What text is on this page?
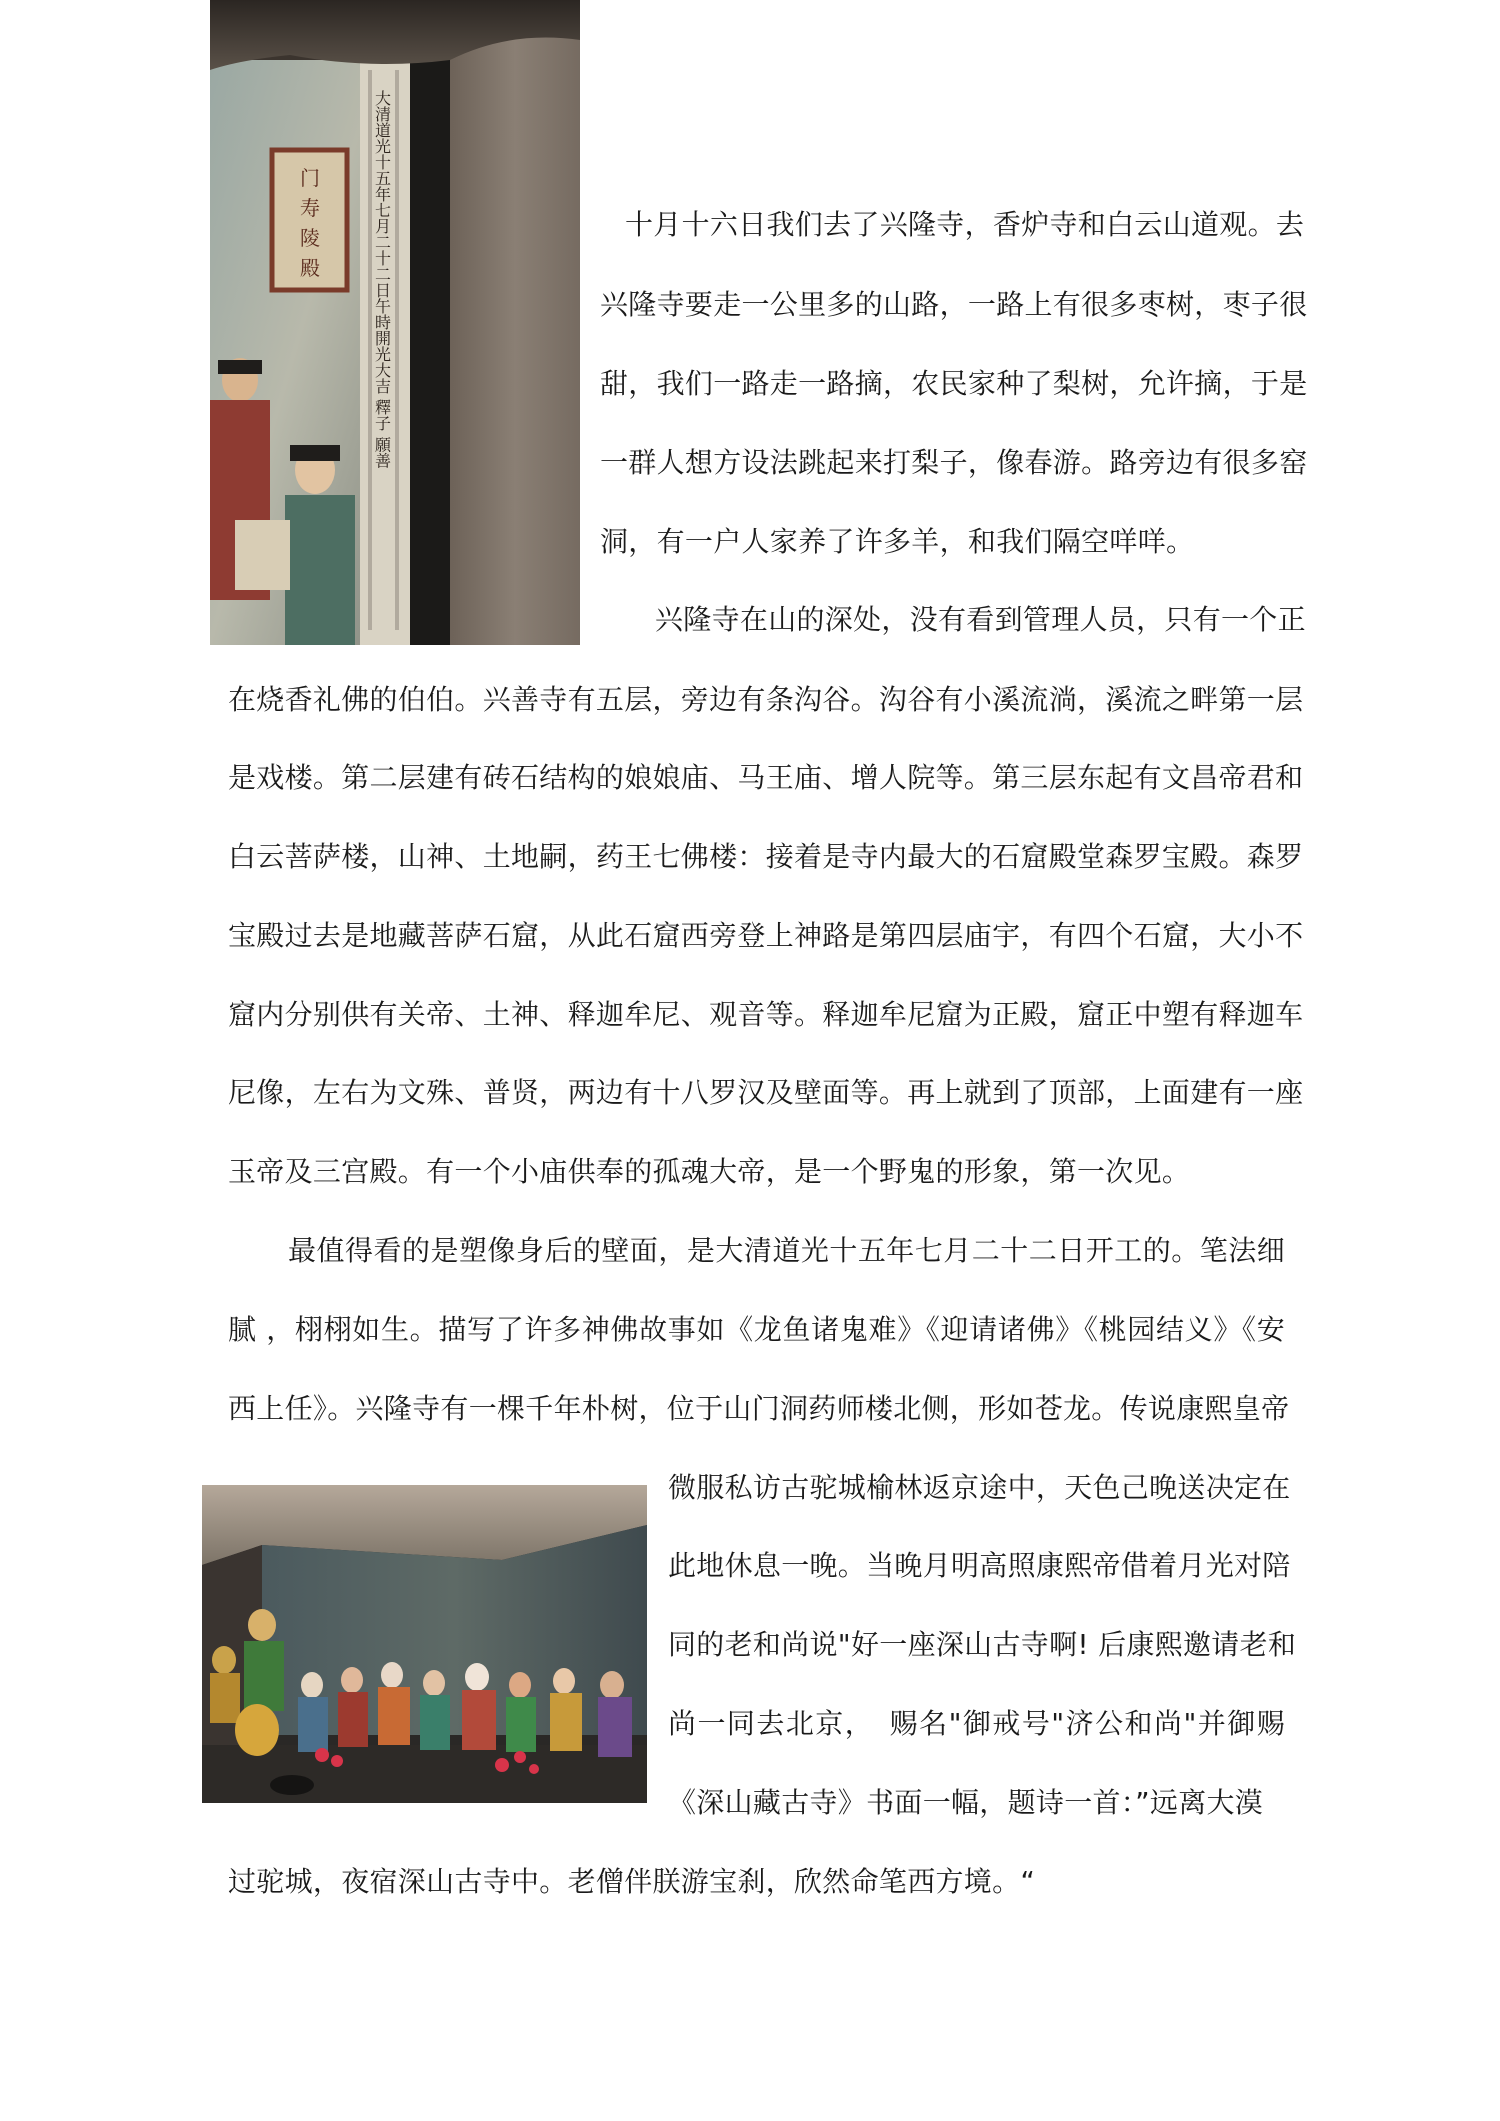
门
寿
陵
殿	大清道光十五年七月二十二日午時開光大吉 釋子 願善	十月十六日我们去了兴隆寺，香炉寺和白云山道观。去
兴隆寺要走一公里多的山路，一路上有很多枣树，枣子很
甜，我们一路走一路摘，农民家种了梨树，允许摘，于是
一群人想方设法跳起来打梨子，像春游。路旁边有很多窑
洞，有一户人家养了许多羊，和我们隔空咩咩。
兴隆寺在山的深处，没有看到管理人员，只有一个正
在烧香礼佛的伯伯。兴善寺有五层，旁边有条沟谷。沟谷有小溪流淌，溪流之畔第一层
是戏楼。第二层建有砖石结构的娘娘庙、马王庙、增人院等。第三层东起有文昌帝君和
白云菩萨楼，山神、土地嗣，药王七佛楼：接着是寺内最大的石窟殿堂森罗宝殿。森罗
宝殿过去是地藏菩萨石窟，从此石窟西旁登上神路是第四层庙宇，有四个石窟，大小不
窟内分别供有关帝、土神、释迦牟尼、观音等。释迦牟尼窟为正殿，窟正中塑有释迦车
尼像，左右为文殊、普贤，两边有十八罗汉及壁面等。再上就到了顶部，上面建有一座
玉帝及三宫殿。有一个小庙供奉的孤魂大帝，是一个野鬼的形象，第一次见。
最值得看的是塑像身后的壁面，是大清道光十五年七月二十二日开工的。笔法细
腻 ，栩栩如生。描写了许多神佛故事如《龙鱼诸鬼难》《迎请诸佛》《桃园结义》《安
西上任》。兴隆寺有一棵千年朴树，位于山门洞药师楼北侧，形如苍龙。传说康熙皇帝
微服私访古驼城榆林返京途中，天色己晚送决定在
此地休息一晚。当晚月明高照康熙帝借着月光对陪
同的老和尚说"好一座深山古寺啊! 后康熙邀请老和
尚一同去北京，　赐名"御戒号"济公和尚"并御赐
《深山藏古寺》书面一幅，题诗一首：”远离大漠
过驼城，夜宿深山古寺中。老僧伴朕游宝刹，欣然命笔西方境。“
